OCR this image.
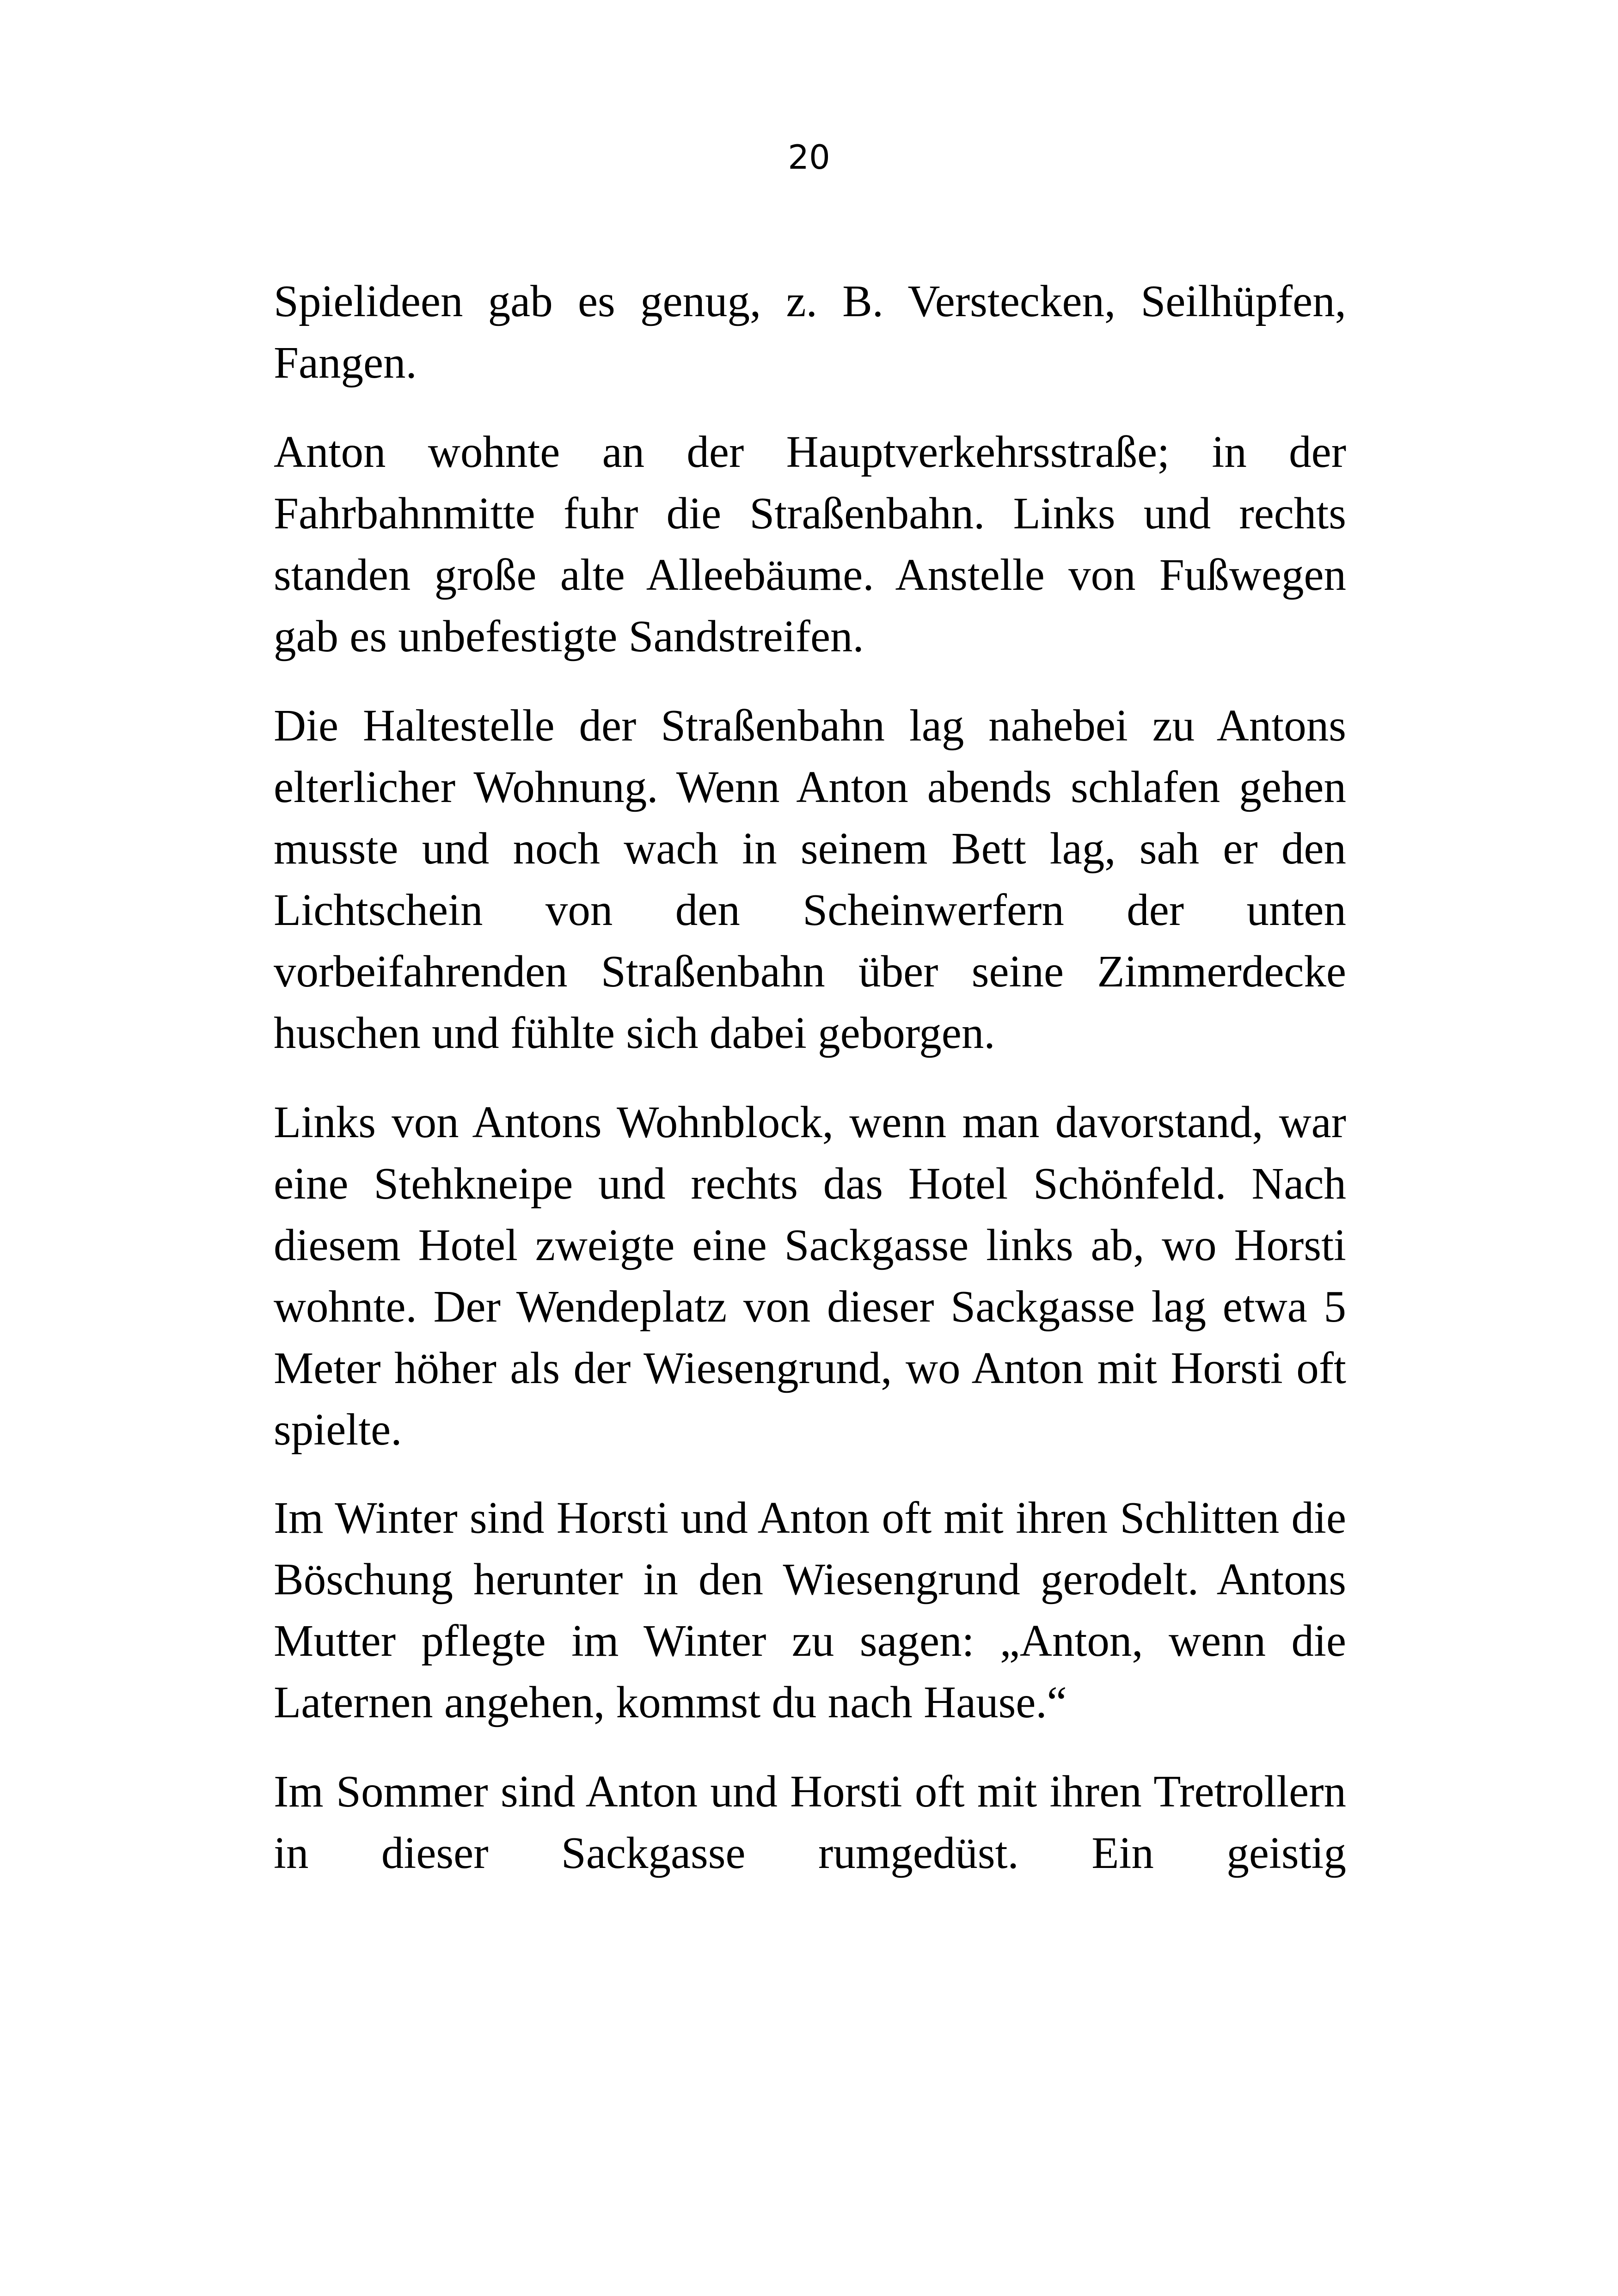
20

Spielideen gab es genug, z. B. Verstecken, Seilhüpfen, Fangen.

Anton wohnte an der Hauptverkehrsstraße; in der Fahrbahnmitte fuhr die Straßenbahn. Links und rechts standen große alte Alleebäume. Anstelle von Fußwegen gab es unbefestigte Sandstreifen.

Die Haltestelle der Straßenbahn lag nahebei zu Antons elterlicher Wohnung. Wenn Anton abends schlafen gehen musste und noch wach in seinem Bett lag, sah er den Lichtschein von den Scheinwerfern der unten vorbeifahrenden Straßenbahn über seine Zimmerdecke huschen und fühlte sich dabei geborgen.

Links von Antons Wohnblock, wenn man davorstand, war eine Stehkneipe und rechts das Hotel Schönfeld. Nach diesem Hotel zweigte eine Sackgasse links ab, wo Horsti wohnte. Der Wendeplatz von dieser Sackgasse lag etwa 5 Meter höher als der Wiesengrund, wo Anton mit Horsti oft spielte.

Im Winter sind Horsti und Anton oft mit ihren Schlitten die Böschung herunter in den Wiesengrund gerodelt. Antons Mutter pflegte im Winter zu sagen: „Anton, wenn die Laternen angehen, kommst du nach Hause.“

Im Sommer sind Anton und Horsti oft mit ihren Tretrollern in dieser Sackgasse rumgedüst. Ein geistig
